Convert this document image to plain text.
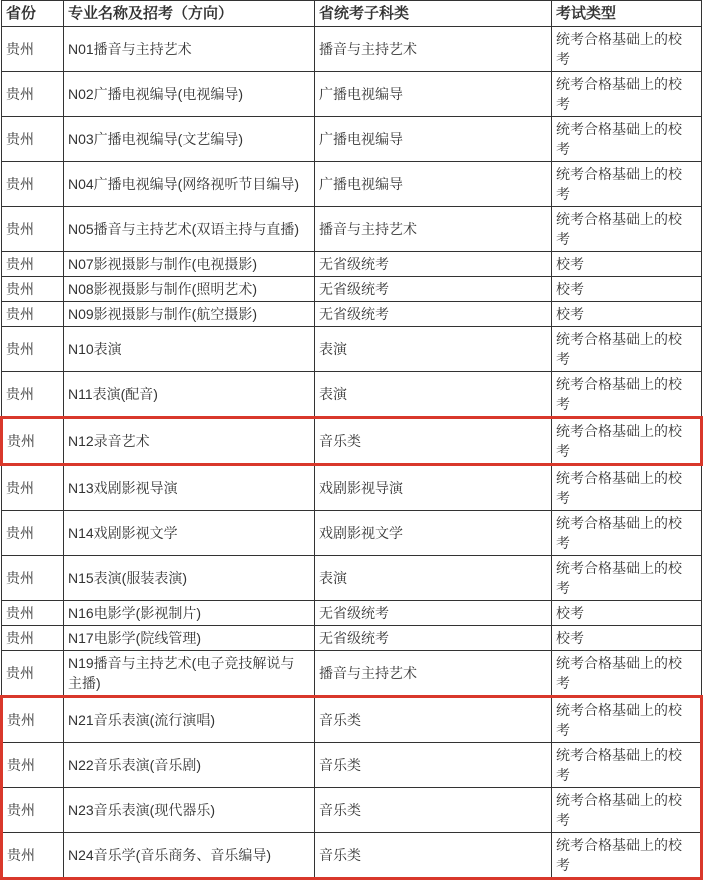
省份	专业名称及招考（方向）	省统考子科类	考试类型
贵州	N01播音与主持艺术	播音与主持艺术	统考合格基础上的校考
贵州	N02广播电视编导(电视编导)	广播电视编导	统考合格基础上的校考
贵州	N03广播电视编导(文艺编导)	广播电视编导	统考合格基础上的校考
贵州	N04广播电视编导(网络视听节目编导)	广播电视编导	统考合格基础上的校考
贵州	N05播音与主持艺术(双语主持与直播)	播音与主持艺术	统考合格基础上的校考
贵州	N07影视摄影与制作(电视摄影)	无省级统考	校考
贵州	N08影视摄影与制作(照明艺术)	无省级统考	校考
贵州	N09影视摄影与制作(航空摄影)	无省级统考	校考
贵州	N10表演	表演	统考合格基础上的校考
贵州	N11表演(配音)	表演	统考合格基础上的校考
贵州	N12录音艺术	音乐类	统考合格基础上的校考
贵州	N13戏剧影视导演	戏剧影视导演	统考合格基础上的校考
贵州	N14戏剧影视文学	戏剧影视文学	统考合格基础上的校考
贵州	N15表演(服装表演)	表演	统考合格基础上的校考
贵州	N16电影学(影视制片)	无省级统考	校考
贵州	N17电影学(院线管理)	无省级统考	校考
贵州	N19播音与主持艺术(电子竞技解说与主播)	播音与主持艺术	统考合格基础上的校考
贵州	N21音乐表演(流行演唱)	音乐类	统考合格基础上的校考
贵州	N22音乐表演(音乐剧)	音乐类	统考合格基础上的校考
贵州	N23音乐表演(现代器乐)	音乐类	统考合格基础上的校考
贵州	N24音乐学(音乐商务、音乐编导)	音乐类	统考合格基础上的校考
